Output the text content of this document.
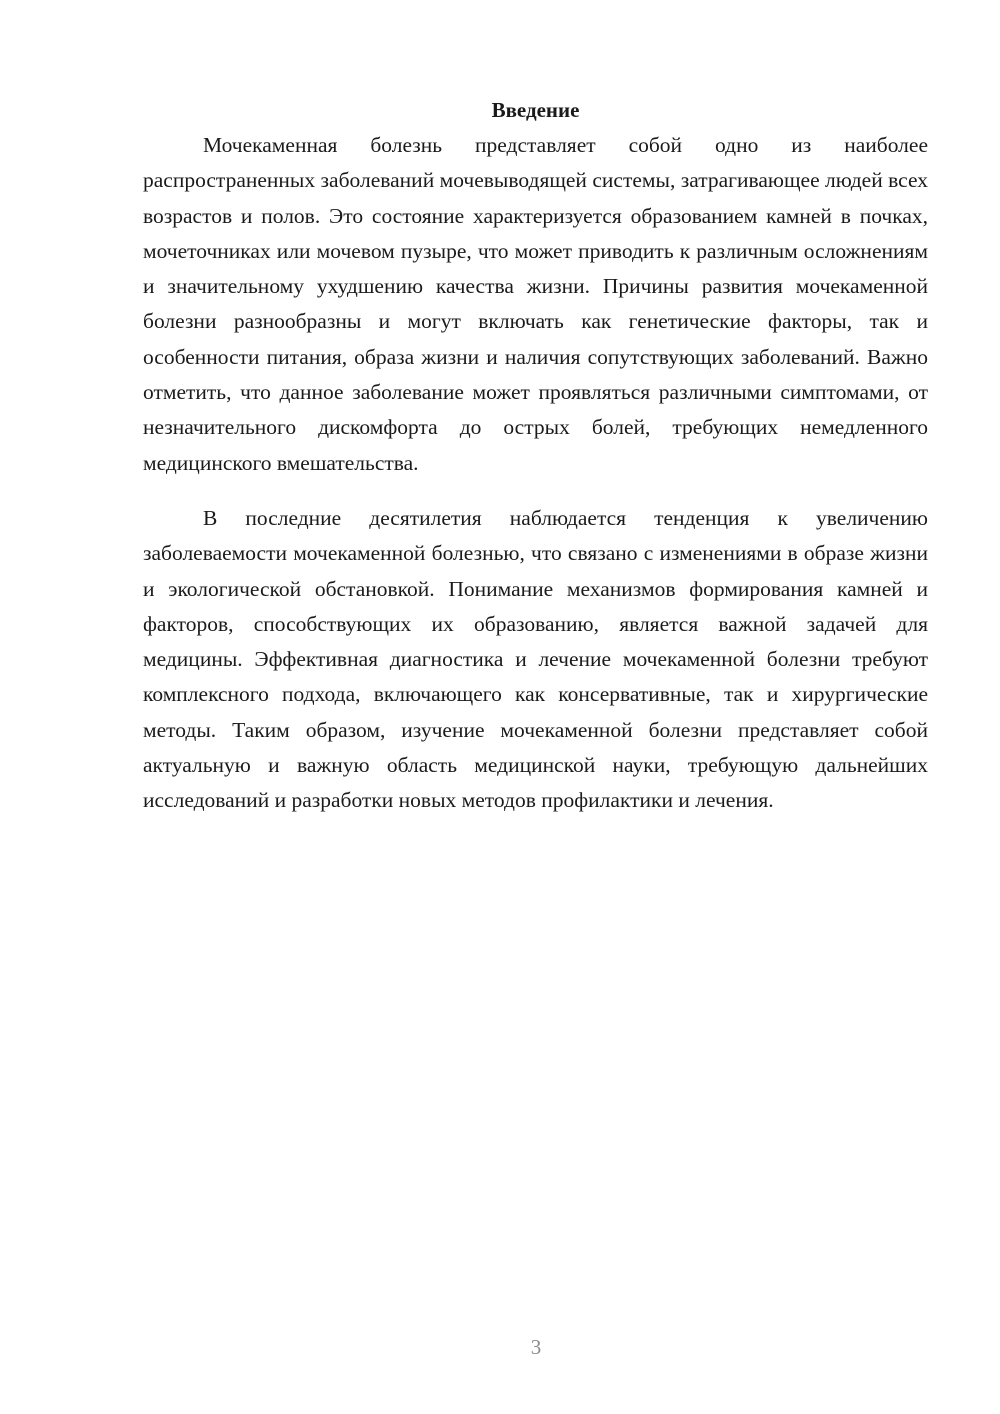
Введение

Мочекаменная болезнь представляет собой одно из наиболее распространенных заболеваний мочевыводящей системы, затрагивающее людей всех возрастов и полов. Это состояние характеризуется образованием камней в почках, мочеточниках или мочевом пузыре, что может приводить к различным осложнениям и значительному ухудшению качества жизни. Причины развития мочекаменной болезни разнообразны и могут включать как генетические факторы, так и особенности питания, образа жизни и наличия сопутствующих заболеваний. Важно отметить, что данное заболевание может проявляться различными симптомами, от незначительного дискомфорта до острых болей, требующих немедленного медицинского вмешательства.

В последние десятилетия наблюдается тенденция к увеличению заболеваемости мочекаменной болезнью, что связано с изменениями в образе жизни и экологической обстановкой. Понимание механизмов формирования камней и факторов, способствующих их образованию, является важной задачей для медицины. Эффективная диагностика и лечение мочекаменной болезни требуют комплексного подхода, включающего как консервативные, так и хирургические методы. Таким образом, изучение мочекаменной болезни представляет собой актуальную и важную область медицинской науки, требующую дальнейших исследований и разработки новых методов профилактики и лечения.

3
